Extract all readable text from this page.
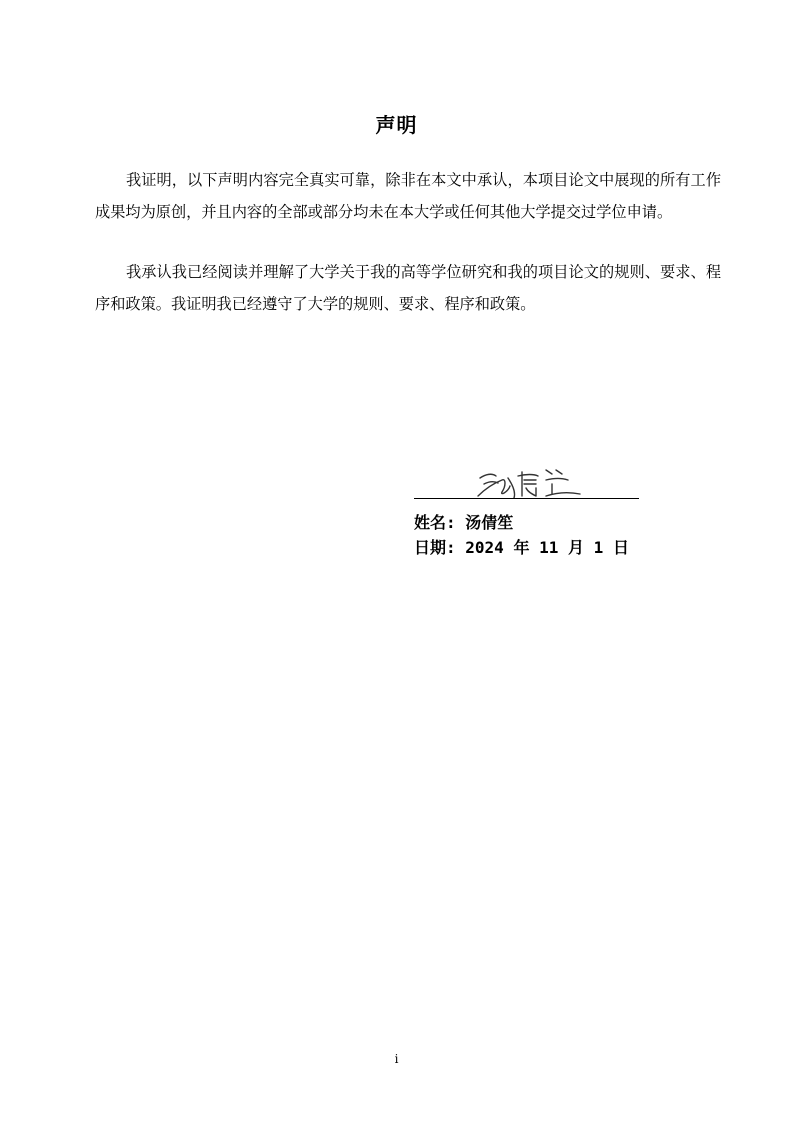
声明

我证明，以下声明内容完全真实可靠，除非在本文中承认，本项目论文中展现的所有工作成果均为原创，并且内容的全部或部分均未在本大学或任何其他大学提交过学位申请。

我承认我已经阅读并理解了大学关于我的高等学位研究和我的项目论文的规则、要求、程序和政策。我证明我已经遵守了大学的规则、要求、程序和政策。

汤倩笙
姓名: 汤倩笙
日期: 2024 年 11 月 1 日
i
